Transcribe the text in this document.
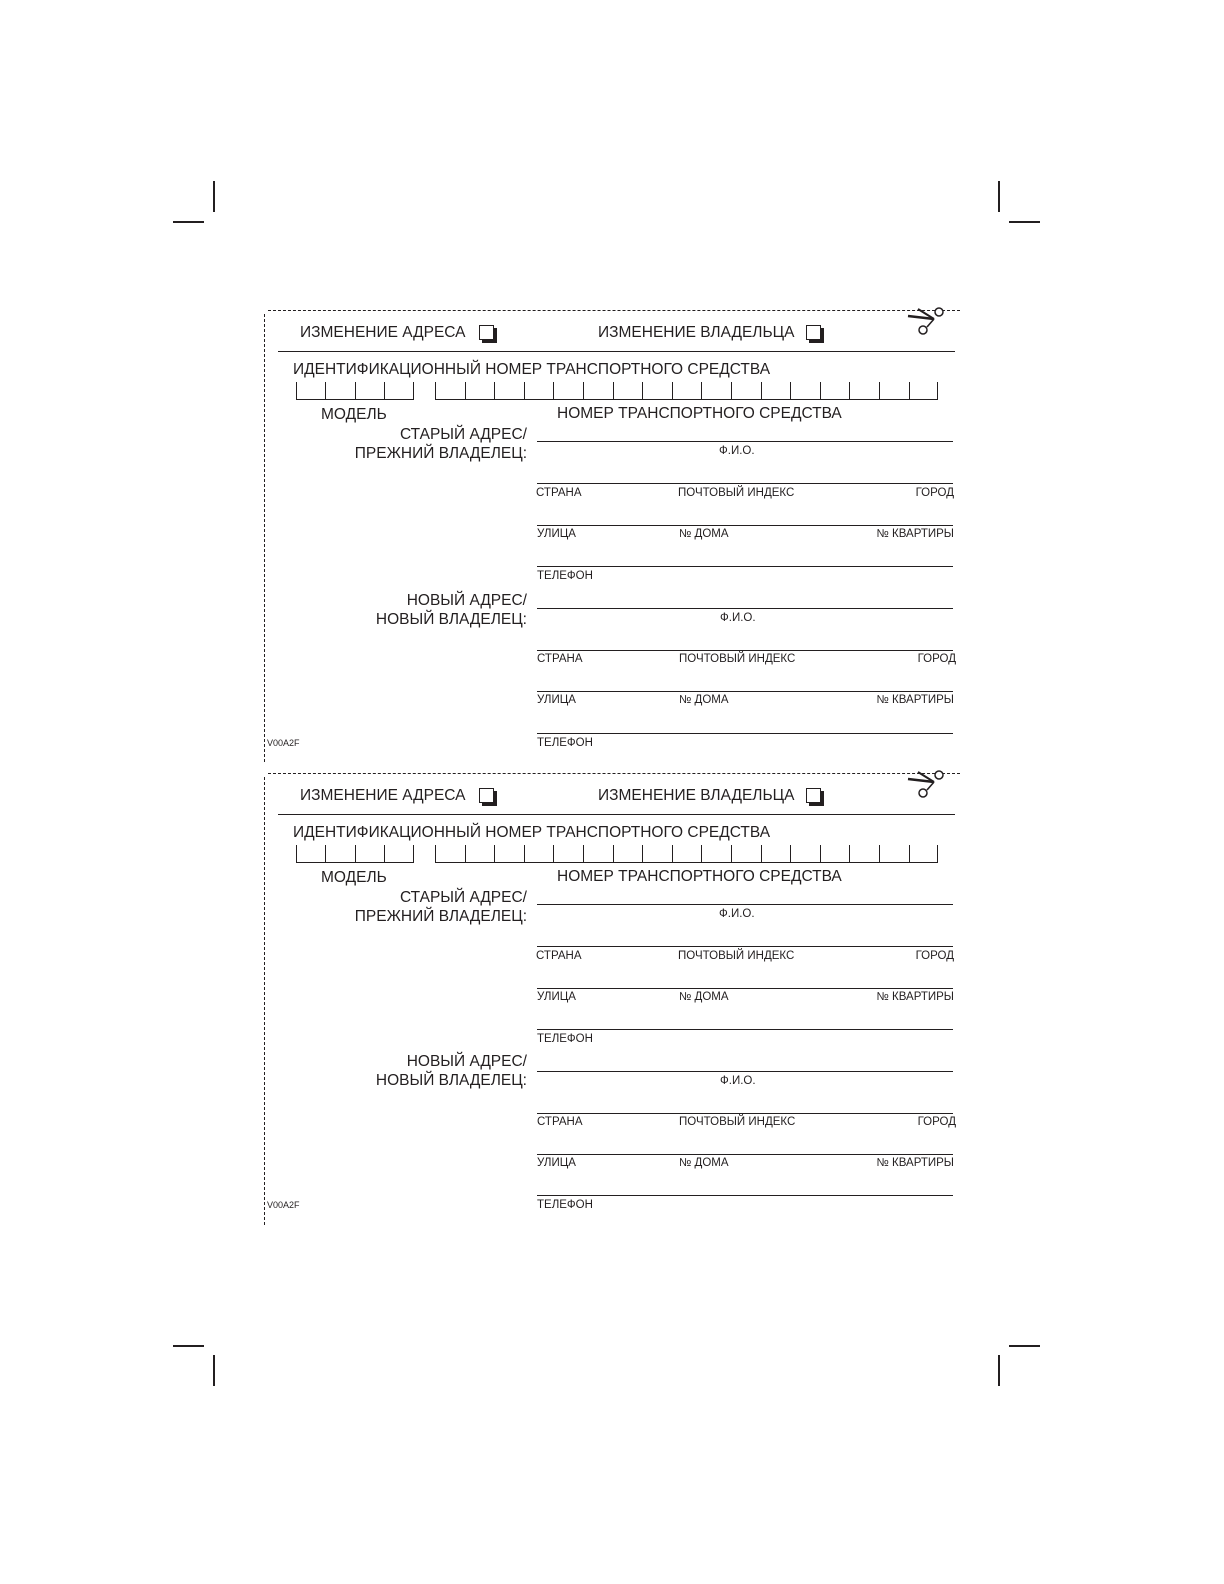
ИЗМЕНЕНИЕ АДРЕСА	ИЗМЕНЕНИЕ ВЛАДЕЛЬЦА
ИДЕНТИФИКАЦИОННЫЙ НОМЕР ТРАНСПОРТНОГО СРЕДСТВА
МОДЕЛЬ	НОМЕР ТРАНСПОРТНОГО СРЕДСТВА
СТАРЫЙ АДРЕС/
ПРЕЖНИЙ ВЛАДЕЛЕЦ:	Ф.И.О.
СТРАНА	ПОЧТОВЫЙ ИНДЕКС	ГОРОД
УЛИЦА	№ ДОМА	№ КВАРТИРЫ
ТЕЛЕФОН
НОВЫЙ АДРЕС/
НОВЫЙ ВЛАДЕЛЕЦ:	Ф.И.О.
СТРАНА	ПОЧТОВЫЙ ИНДЕКС	ГОРОД
УЛИЦА	№ ДОМА	№ КВАРТИРЫ
ТЕЛЕФОН
V00A2F
ИЗМЕНЕНИЕ АДРЕСА	ИЗМЕНЕНИЕ ВЛАДЕЛЬЦА
ИДЕНТИФИКАЦИОННЫЙ НОМЕР ТРАНСПОРТНОГО СРЕДСТВА
МОДЕЛЬ	НОМЕР ТРАНСПОРТНОГО СРЕДСТВА
СТАРЫЙ АДРЕС/
ПРЕЖНИЙ ВЛАДЕЛЕЦ:	Ф.И.О.
СТРАНА	ПОЧТОВЫЙ ИНДЕКС	ГОРОД
УЛИЦА	№ ДОМА	№ КВАРТИРЫ
ТЕЛЕФОН
НОВЫЙ АДРЕС/
НОВЫЙ ВЛАДЕЛЕЦ:	Ф.И.О.
СТРАНА	ПОЧТОВЫЙ ИНДЕКС	ГОРОД
УЛИЦА	№ ДОМА	№ КВАРТИРЫ
ТЕЛЕФОН
V00A2F
